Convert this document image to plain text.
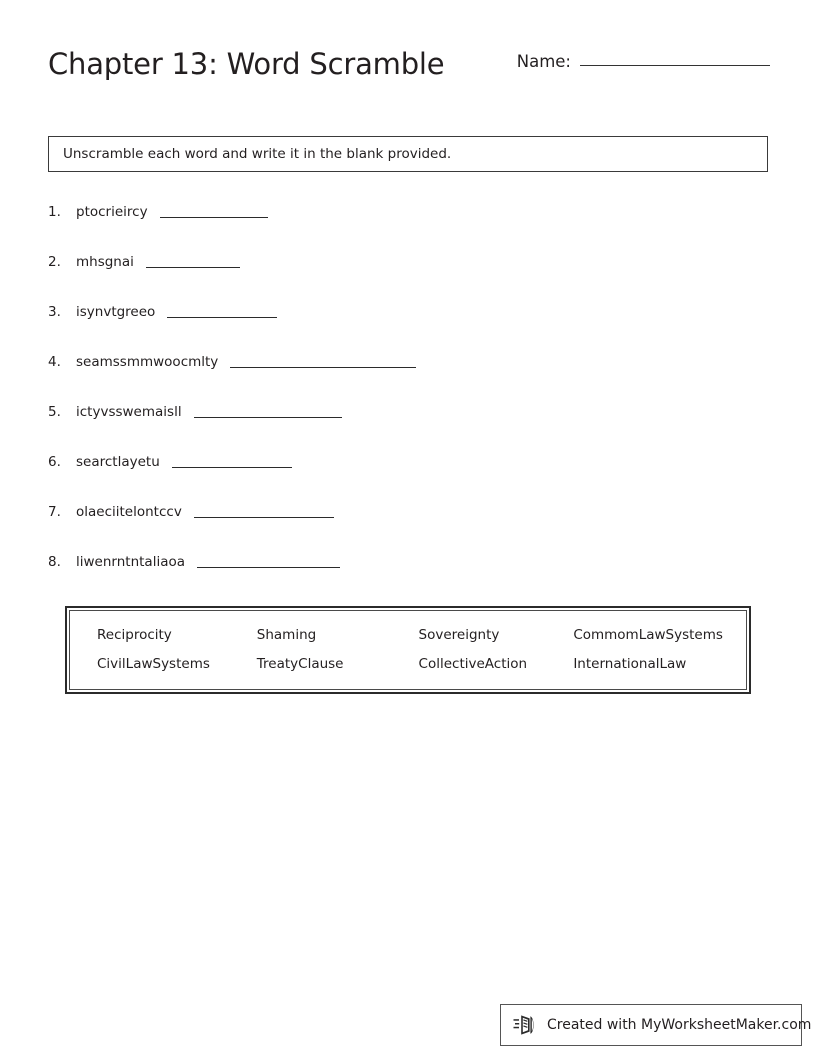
Chapter 13: Word Scramble	Name:
Unscramble each word and write it in the blank provided.
1.	ptocrieircy
2.	mhsgnai
3.	isynvtgreeo
4.	seamssmmwoocmlty
5.	ictyvsswemaisll
6.	searctlayetu
7.	olaeciitelontccv
8.	liwenrntntaliaoa
Reciprocity	Shaming	Sovereignty	CommomLawSystems
CivilLawSystems	TreatyClause	CollectiveAction	InternationalLaw
Created with MyWorksheetMaker.com
